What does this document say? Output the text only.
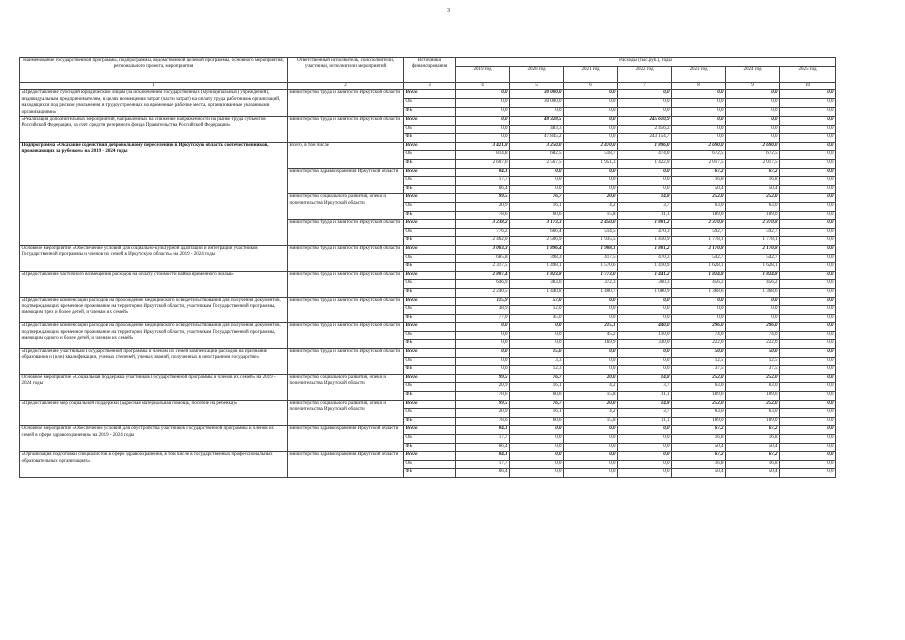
3
Наименование государственной программы, подпрограммы, ведомственной целевой программы, основного мероприятия, регионального проекта, мероприятия	Ответственный исполнитель, соисполнители, участники, исполнители мероприятий	Источники финансирования	Расходы (тыс.руб.), годы						
			2019 год	2020 год	2021 год	2022 год	2023 год	2024 год	2025 год
1	2	3	4	5	6	7	8	9	10
«Предоставление субсидий юридическим лицам (за исключением государственных (муниципальных) учреждений), индивидуальным предпринимателям, в целях возмещения затрат (части затрат) на оплату труда работников организаций, находящихся под риском увольнения и трудоустроенных на временные рабочие места, организованные указанными организациями»	министерство труда и занятости Иркутской области	Всего	0,0	30 000,0	0,0	0,0	0,0	0,0	0,0
		ОБ	0,0	30 000,0	0,0	0,0	0,0	0,0	0,0
		ФБ	0,0	0,0	0,0	0,0	0,0	0,0	0,0
«Реализация дополнительных мероприятий, направленных на снижение напряженности на рынке труда субъектов Российской Федерации, за счет средств резервного фонда Правительства Российской Федерации»	министерство труда и занятости Иркутской области	Всего	0,0	48 328,5	0,0	245 610,9	0,0	0,0	0,0
		ОБ	0,0	483,3	0,0	2 456,2	0,0	0,0	0,0
		ФБ	0,0	47 845,2	0,0	243 154,7	0,0	0,0	0,0
Подпрограмма «Оказание содействия добровольному переселению в Иркутскую область соотечественников, проживающих за рубежом» на 2019 - 2024 годы	Всего, в том числе	Всего	3 421,8	3 250,0	2 470,0	1 896,0	2 690,0	2 690,0	0,0
		ОБ	814,8	682,5	518,7	474,0	672,5	672,5	0,0
		ФБ	2 607,0	2 567,5	1 951,3	1 422,0	2 017,5	2 017,5	0,0
	министерство здравоохранения Иркутской области	Всего	84,1	0,0	0,0	0,0	67,2	67,2	0,0
		ОБ	17,7	0,0	0,0	0,0	16,8	16,8	0,0
		ФБ	66,4	0,0	0,0	0,0	50,4	50,4	0,0
	министерство социального развития, опеки и попечительства Иркутской области	Всего	99,5	76,7	20,0	14,8	252,0	252,0	0,0
		ОБ	20,9	16,1	4,2	3,7	63,0	63,0	0,0
		ФБ	78,6	60,6	15,8	11,1	189,0	189,0	0,0
	министерство труда и занятости Иркутской области	Всего	3 238,2	3 173,3	2 450,0	1 881,2	2 370,8	2 370,8	0,0
		ОБ	776,2	666,4	514,5	470,3	592,7	592,7	0,0
		ФБ	2 462,0	2 506,9	1 935,5	1 410,9	1 778,1	1 778,1	0,0
Основное мероприятие «Обеспечение условий для социально-культурной адаптации и интеграции участников Государственной программы и членов их семей в Иркутскую область» на 2019 - 2024 годы	министерство труда и занятости Иркутской области	Всего	3 003,3	1 896,4	1 988,1	1 881,2	2 170,8	2 170,8	0,0
		ОБ	685,8	398,3	417,5	470,3	542,7	542,7	0,0
		ФБ	2 317,5	1 498,1	1 570,6	1 410,9	1 628,1	1 628,1	0,0
«Предоставление частичного возмещения расходов на оплату стоимости найма временного жилья»	министерство труда и занятости Иркутской области	Всего	2 887,4	1 823,8	1 773,0	1 441,2	1 824,8	1 824,8	0,0
		ОБ	646,9	383,0	372,3	360,3	456,2	456,2	0,0
		ФБ	2 240,5	1 440,8	1 400,7	1 080,9	1 368,6	1 368,6	0,0
«Предоставление компенсации расходов на прохождение медицинского освидетельствования для получения документов, подтверждающих временное проживание на территории Иркутской области, участникам Государственной программы, имеющим трех и более детей, и членам их семей»	министерство труда и занятости Иркутской области	Всего	115,9	57,0	0,0	0,0	0,0	0,0	0,0
		ОБ	38,9	12,0	0,0	0,0	0,0	0,0	0,0
		ФБ	77,0	45,0	0,0	0,0	0,0	0,0	0,0
«Предоставление компенсации расходов на прохождение медицинского освидетельствования для получения документов, подтверждающих временное проживание на территории Иркутской области, участникам Государственной программы, имеющим одного и более детей, и членам их семей»	министерство труда и занятости Иркутской области	Всего	0,0	0,0	215,1	440,0	296,0	296,0	0,0
		ОБ	0,0	0,0	45,2	110,0	74,0	74,0	0,0
		ФБ	0,0	0,0	169,9	330,0	222,0	222,0	0,0
«Предоставление участникам Государственной программы и членам их семей компенсации расходов на признание образования и (или) квалификации, ученых степеней, ученых званий, полученных в иностранном государстве»	министерство труда и занятости Иркутской области	Всего	0,0	15,6	0,0	0,0	50,0	50,0	0,0
		ОБ	0,0	3,3	0,0	0,0	12,5	12,5	0,0
		ФБ	0,0	12,3	0,0	0,0	37,5	37,5	0,0
Основное мероприятие «Социальная поддержка участников Государственной программы и членов их семей» на 2019 - 2024 годы	министерство социального развития, опеки и попечительства Иркутской области	Всего	99,5	76,7	20,0	14,8	252,0	252,0	0,0
		ОБ	20,9	16,1	4,2	3,7	63,0	63,0	0,0
		ФБ	78,6	60,6	15,8	11,1	189,0	189,0	0,0
«Предоставление мер социальной поддержки (адресная материальная помощь, пособие на ребенка)»	министерство социального развития, опеки и попечительства Иркутской области	Всего	99,5	76,7	20,0	14,8	252,0	252,0	0,0
		ОБ	20,9	16,1	4,2	3,7	63,0	63,0	0,0
		ФБ	78,6	60,6	15,8	11,1	189,0	189,0	0,0
Основное мероприятие «Обеспечение условий для обустройства участников Государственной программы и членов их семей в сфере здравоохранения» на 2019 - 2024 годы	министерство здравоохранения Иркутской области	Всего	84,1	0,0	0,0	0,0	67,2	67,2	0,0
		ОБ	17,7	0,0	0,0	0,0	16,8	16,8	0,0
		ФБ	66,4	0,0	0,0	0,0	50,4	50,4	0,0
«Организация подготовки специалистов в сфере здравоохранения, в том числе в государственных профессиональных образовательных организациях»	министерство здравоохранения Иркутской области	Всего	84,1	0,0	0,0	0,0	67,2	67,2	0,0
		ОБ	17,7	0,0	0,0	0,0	16,8	16,8	0,0
		ФБ	66,4	0,0	0,0	0,0	50,4	50,4	0,0
